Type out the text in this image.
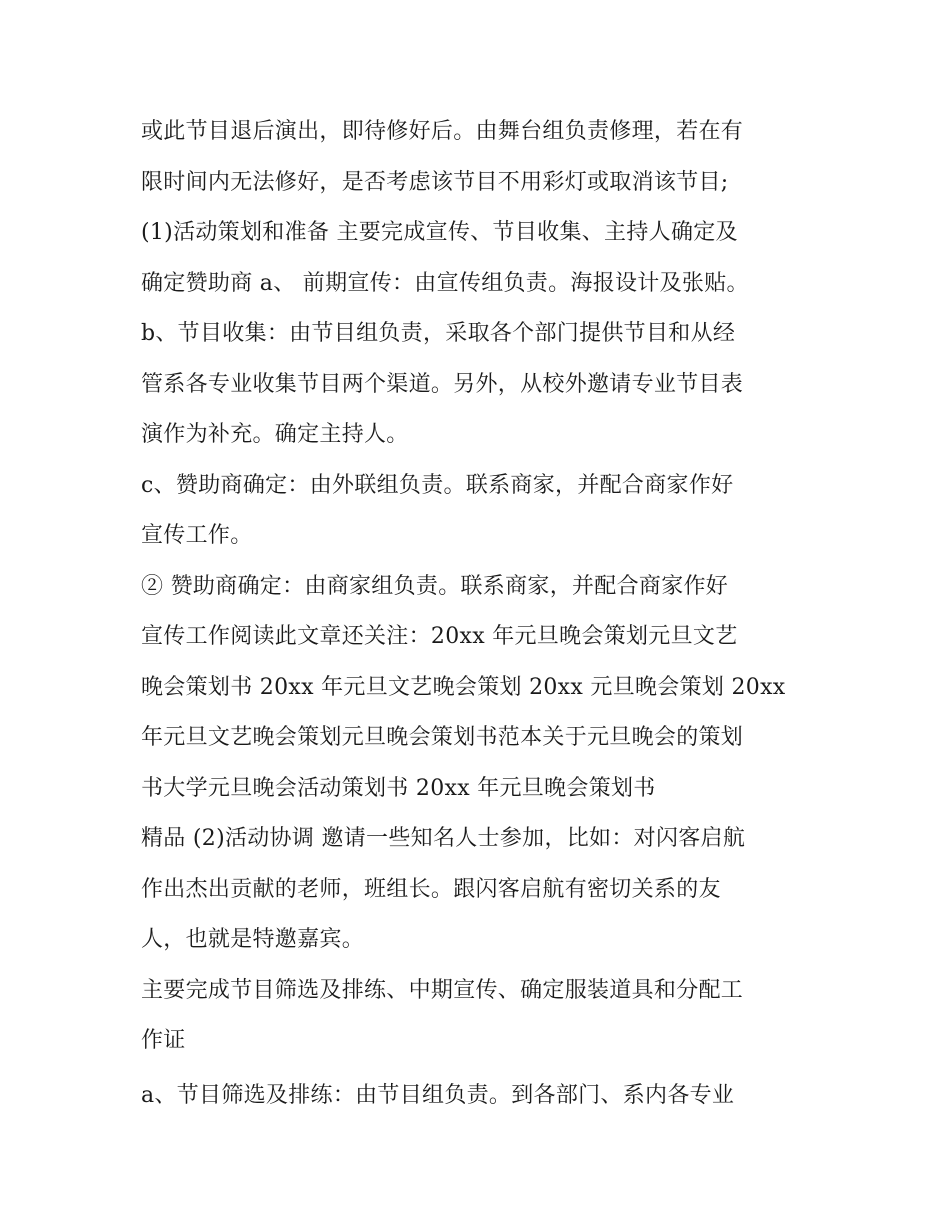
或此节目退后演出，即待修好后。由舞台组负责修理，若在有
限时间内无法修好，是否考虑该节目不用彩灯或取消该节目;
(1)活动策划和准备 主要完成宣传、节目收集、主持人确定及
确定赞助商 a、 前期宣传：由宣传组负责。海报设计及张贴。
b、节目收集：由节目组负责，采取各个部门提供节目和从经
管系各专业收集节目两个渠道。另外，从校外邀请专业节目表
演作为补充。确定主持人。
c、赞助商确定：由外联组负责。联系商家，并配合商家作好
宣传工作。
② 赞助商确定：由商家组负责。联系商家，并配合商家作好
宣传工作阅读此文章还关注：20xx 年元旦晚会策划元旦文艺
晚会策划书 20xx 年元旦文艺晚会策划 20xx 元旦晚会策划 20xx
年元旦文艺晚会策划元旦晚会策划书范本关于元旦晚会的策划
书大学元旦晚会活动策划书 20xx 年元旦晚会策划书
精品 (2)活动协调 邀请一些知名人士参加，比如：对闪客启航
作出杰出贡献的老师，班组长。跟闪客启航有密切关系的友
人，也就是特邀嘉宾。
主要完成节目筛选及排练、中期宣传、确定服装道具和分配工
作证
a、节目筛选及排练：由节目组负责。到各部门、系内各专业
